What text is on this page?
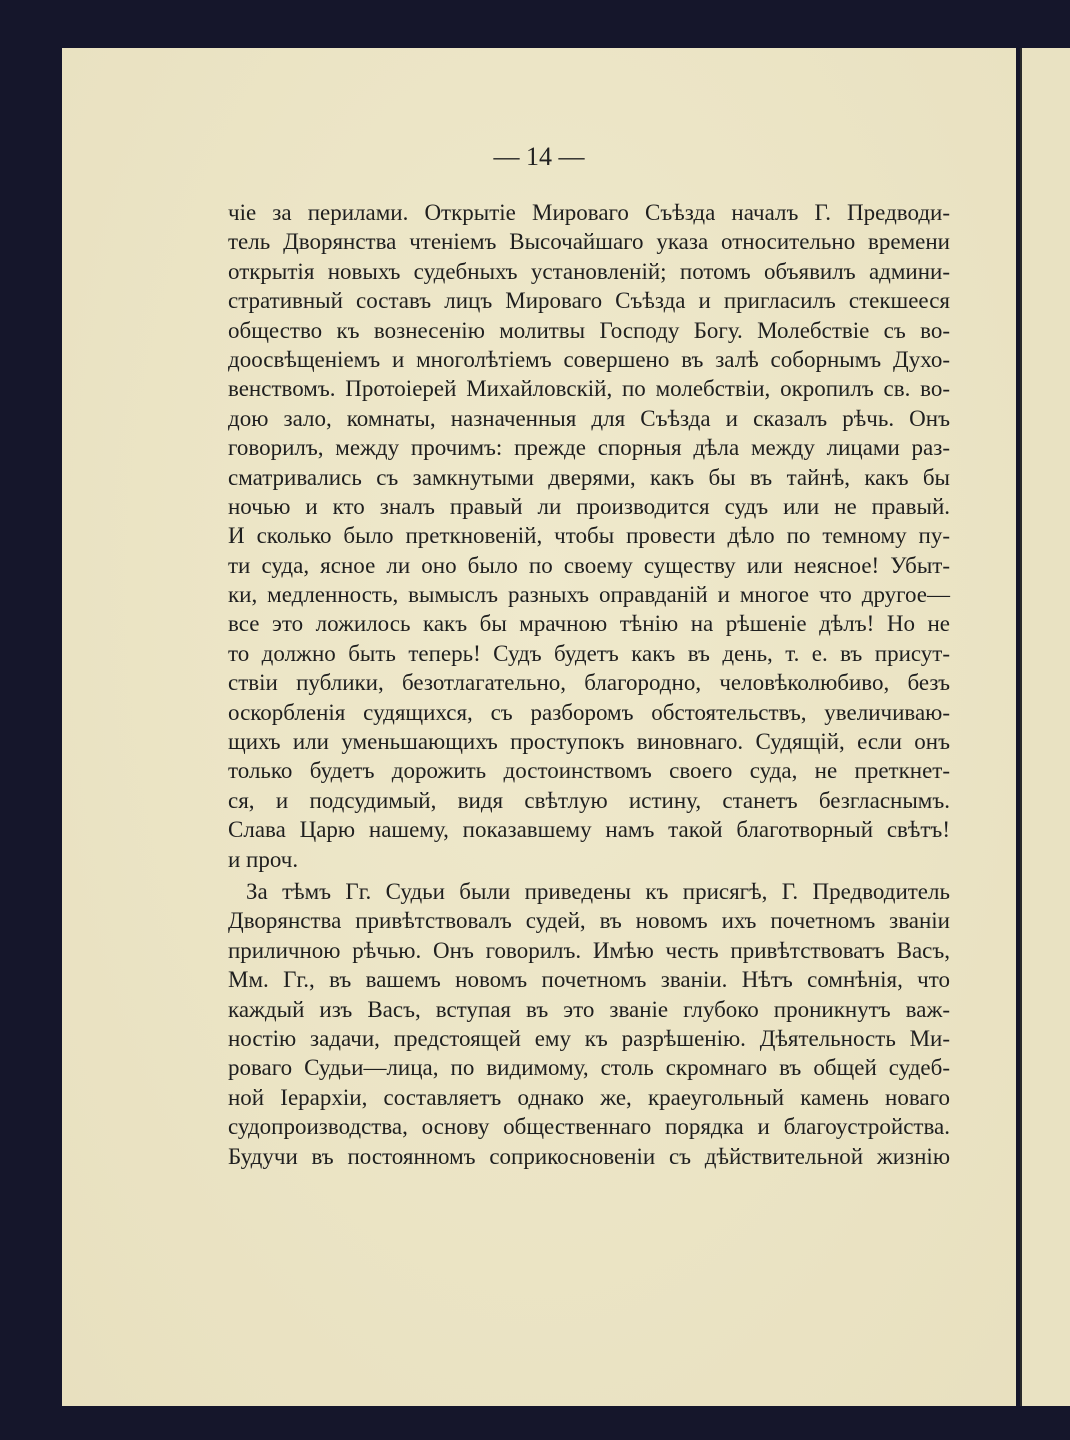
— 14 —
чіе за перилами. Открытіе Мироваго Съѣзда началъ Г. Предводи-
тель Дворянства чтеніемъ Высочайшаго указа относительно времени
открытія новыхъ судебныхъ установленій; потомъ объявилъ админи-
стративный составъ лицъ Мироваго Съѣзда и пригласилъ стекшееся
общество къ вознесенію молитвы Господу Богу. Молебствіе съ во-
доосвѣщеніемъ и многолѣтіемъ совершено въ залѣ соборнымъ Духо-
венствомъ. Протоіерей Михайловскій, по молебствіи, окропилъ св. во-
дою зало, комнаты, назначенныя для Съѣзда и сказалъ рѣчь. Онъ
говорилъ, между прочимъ: прежде спорныя дѣла между лицами раз-
сматривались съ замкнутыми дверями, какъ бы въ тайнѣ, какъ бы
ночью и кто зналъ правый ли производится судъ или не правый.
И сколько было преткновеній, чтобы провести дѣло по темному пу-
ти суда, ясное ли оно было по своему существу или неясное! Убыт-
ки, медленность, вымыслъ разныхъ оправданій и многое что другое—
все это ложилось какъ бы мрачною тѣнію на рѣшеніе дѣлъ! Но не
то должно быть теперь! Судъ будетъ какъ въ день, т. е. въ присут-
ствіи публики, безотлагательно, благородно, человѣколюбиво, безъ
оскорбленія судящихся, съ разборомъ обстоятельствъ, увеличиваю-
щихъ или уменьшающихъ проступокъ виновнаго. Судящій, если онъ
только будетъ дорожить достоинствомъ своего суда, не преткнет-
ся, и подсудимый, видя свѣтлую истину, станетъ безгласнымъ.
Слава Царю нашему, показавшему намъ такой благотворный свѣтъ!
и проч.
За тѣмъ Гг. Судьи были приведены къ присягѣ, Г. Предводитель
Дворянства привѣтствовалъ судей, въ новомъ ихъ почетномъ званіи
приличною рѣчью. Онъ говорилъ. Имѣю честь привѣтствоватъ Васъ,
Мм. Гг., въ вашемъ новомъ почетномъ званіи. Нѣтъ сомнѣнія, что
каждый изъ Васъ, вступая въ это званіе глубоко проникнутъ важ-
ностію задачи, предстоящей ему къ разрѣшенію. Дѣятельность Ми-
роваго Судьи—лица, по видимому, столь скромнаго въ общей судеб-
ной Іерархіи, составляетъ однако же, краеугольный камень новаго
судопроизводства, основу общественнаго порядка и благоустройства.
Будучи въ постоянномъ соприкосновеніи съ дѣйствительной жизнію
